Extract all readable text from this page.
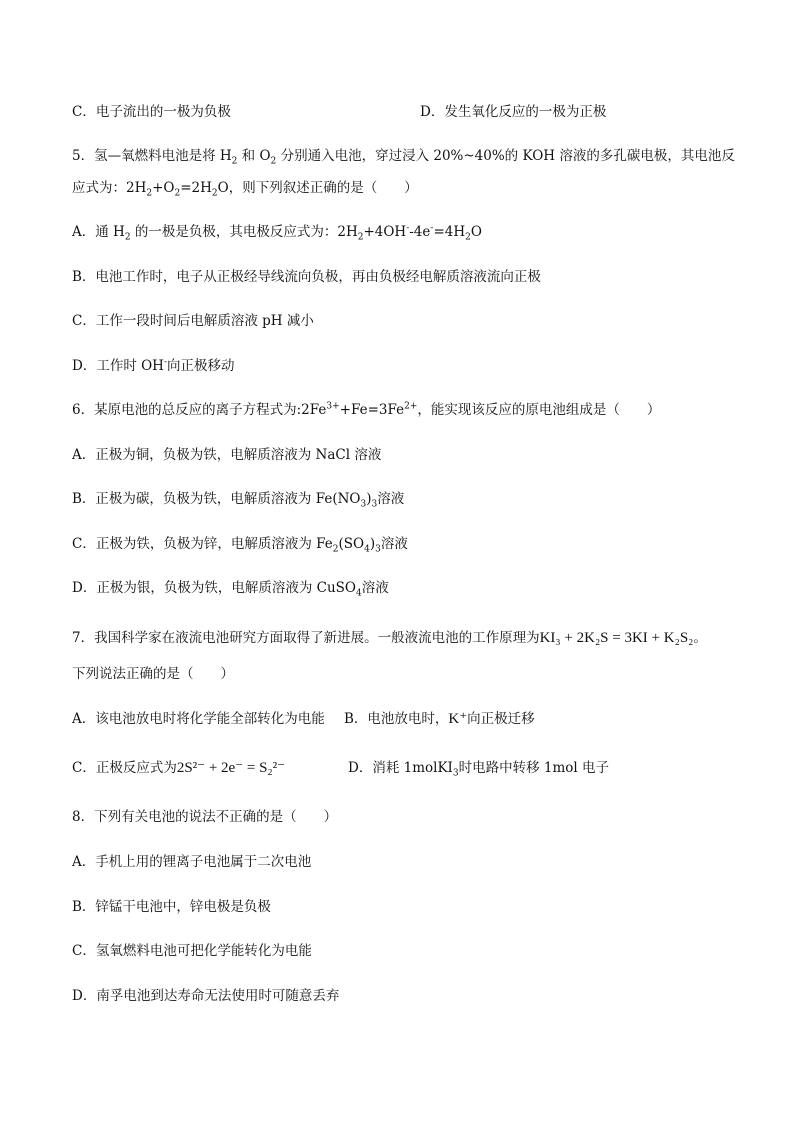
C．电子流出的一极为负极	D．发生氧化反应的一极为正极
5．氢—氧燃料电池是将 $H_2$ 和 $O_2$ 分别通入电池，穿过浸入 20%~40%的 KOH 溶液的多孔碳电极，其电池反
应式为：$2H_2+O_2=2H_2O$，则下列叙述正确的是（　　）
A．通 $H_2$ 的一极是负极，其电极反应式为：$2H_2+4OH^--4e^-=4H_2O$
B．电池工作时，电子从正极经导线流向负极，再由负极经电解质溶液流向正极
C．工作一段时间后电解质溶液 pH 减小
D．工作时 OH-向正极移动
6．某原电池的总反应的离子方程式为$:2Fe^{3+}+Fe=3Fe^{2+}$，能实现该反应的原电池组成是（　　）
A．正极为铜，负极为铁，电解质溶液为 NaCl 溶液
B．正极为碳，负极为铁，电解质溶液为 $Fe(NO_3)_3$溶液
C．正极为铁，负极为锌，电解质溶液为 $Fe_2(SO_4)_3$溶液
D．正极为银，负极为铁，电解质溶液为 CuSO$_4$溶液
7．我国科学家在液流电池研究方面取得了新进展。一般液流电池的工作原理为KI₃ + 2K₂S = 3KI + K₂S₂。
下列说法正确的是（　　）
A．该电池放电时将化学能全部转化为电能 B．电池放电时，K⁺向正极迁移
C．正极反应式为2S²⁻ + 2e⁻ = S₂²⁻	D．消耗 1molKI$_3$时电路中转移 1mol 电子
8．下列有关电池的说法不正确的是（　　）
A．手机上用的锂离子电池属于二次电池
B．锌锰干电池中，锌电极是负极
C．氢氧燃料电池可把化学能转化为电能
D．南孚电池到达寿命无法使用时可随意丢弃
